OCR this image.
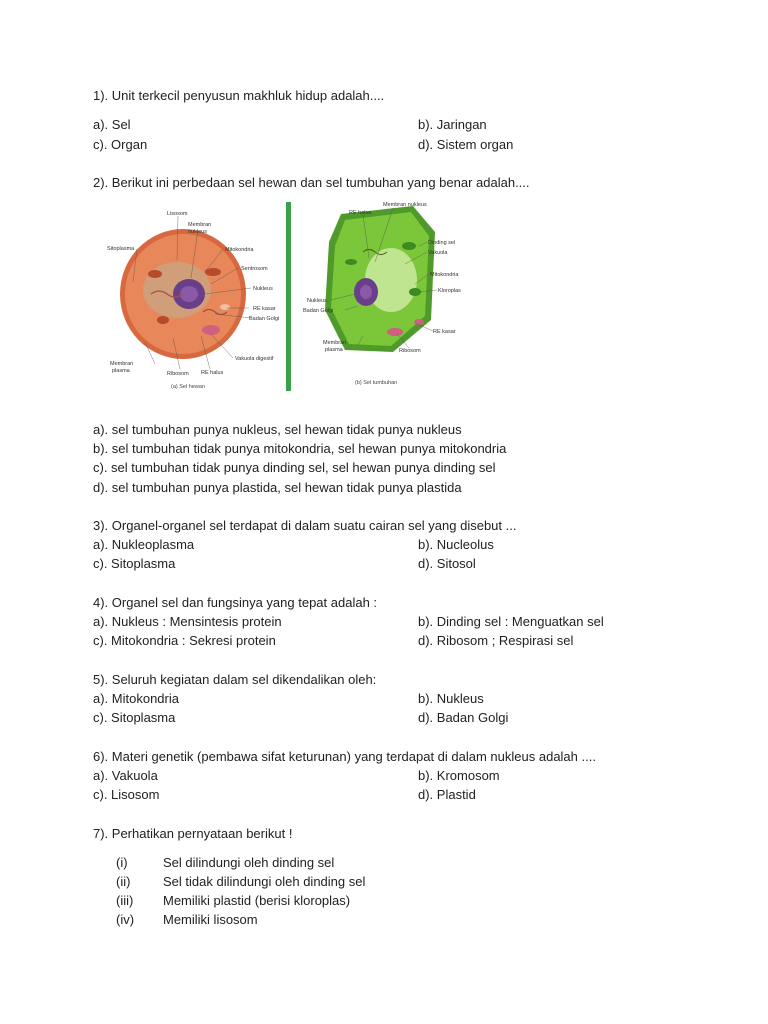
1). Unit terkecil penyusun makhluk hidup adalah....
a). Sel	b). Jaringan
c). Organ	d). Sistem organ
2). Berikut ini perbedaan sel hewan dan sel tumbuhan yang benar adalah....
Lisosom
Membran
nukleus
Sitoplasma	Mitokondria
Sentrosom
Nukleus
RE kasar
Badan Golgi
Vakuola digestif
Membran
plasma	Ribosom RE halus
(a) Sel hewan
Membran nukleus
RE halus
Dinding sel
Vakuola
Mitokondria
Kloroplas
Nukleus
Badan Golgi
RE kasar
Membran
plasma	Ribosom
(b) Sel tumbuhan
a). sel tumbuhan punya nukleus, sel hewan tidak punya nukleus
b). sel tumbuhan tidak punya mitokondria, sel hewan punya mitokondria
c). sel tumbuhan tidak punya dinding sel, sel hewan punya dinding sel
d). sel tumbuhan punya plastida, sel hewan tidak punya plastida
3). Organel-organel sel terdapat di dalam suatu cairan sel yang disebut ...
a). Nukleoplasma	b). Nucleolus
c). Sitoplasma	d). Sitosol
4). Organel sel dan fungsinya yang tepat adalah :
a). Nukleus : Mensintesis protein	b). Dinding sel : Menguatkan sel
c). Mitokondria : Sekresi protein	d). Ribosom ; Respirasi sel
5). Seluruh kegiatan dalam sel dikendalikan oleh:
a). Mitokondria	b). Nukleus
c). Sitoplasma	d). Badan Golgi
6). Materi genetik (pembawa sifat keturunan) yang terdapat di dalam nukleus adalah ....
a). Vakuola	b). Kromosom
c). Lisosom	d). Plastid
7). Perhatikan pernyataan berikut !
(i)	Sel dilindungi oleh dinding sel
(ii)	Sel tidak dilindungi oleh dinding sel
(iii) Memiliki plastid (berisi kloroplas)
(iv) Memiliki lisosom
